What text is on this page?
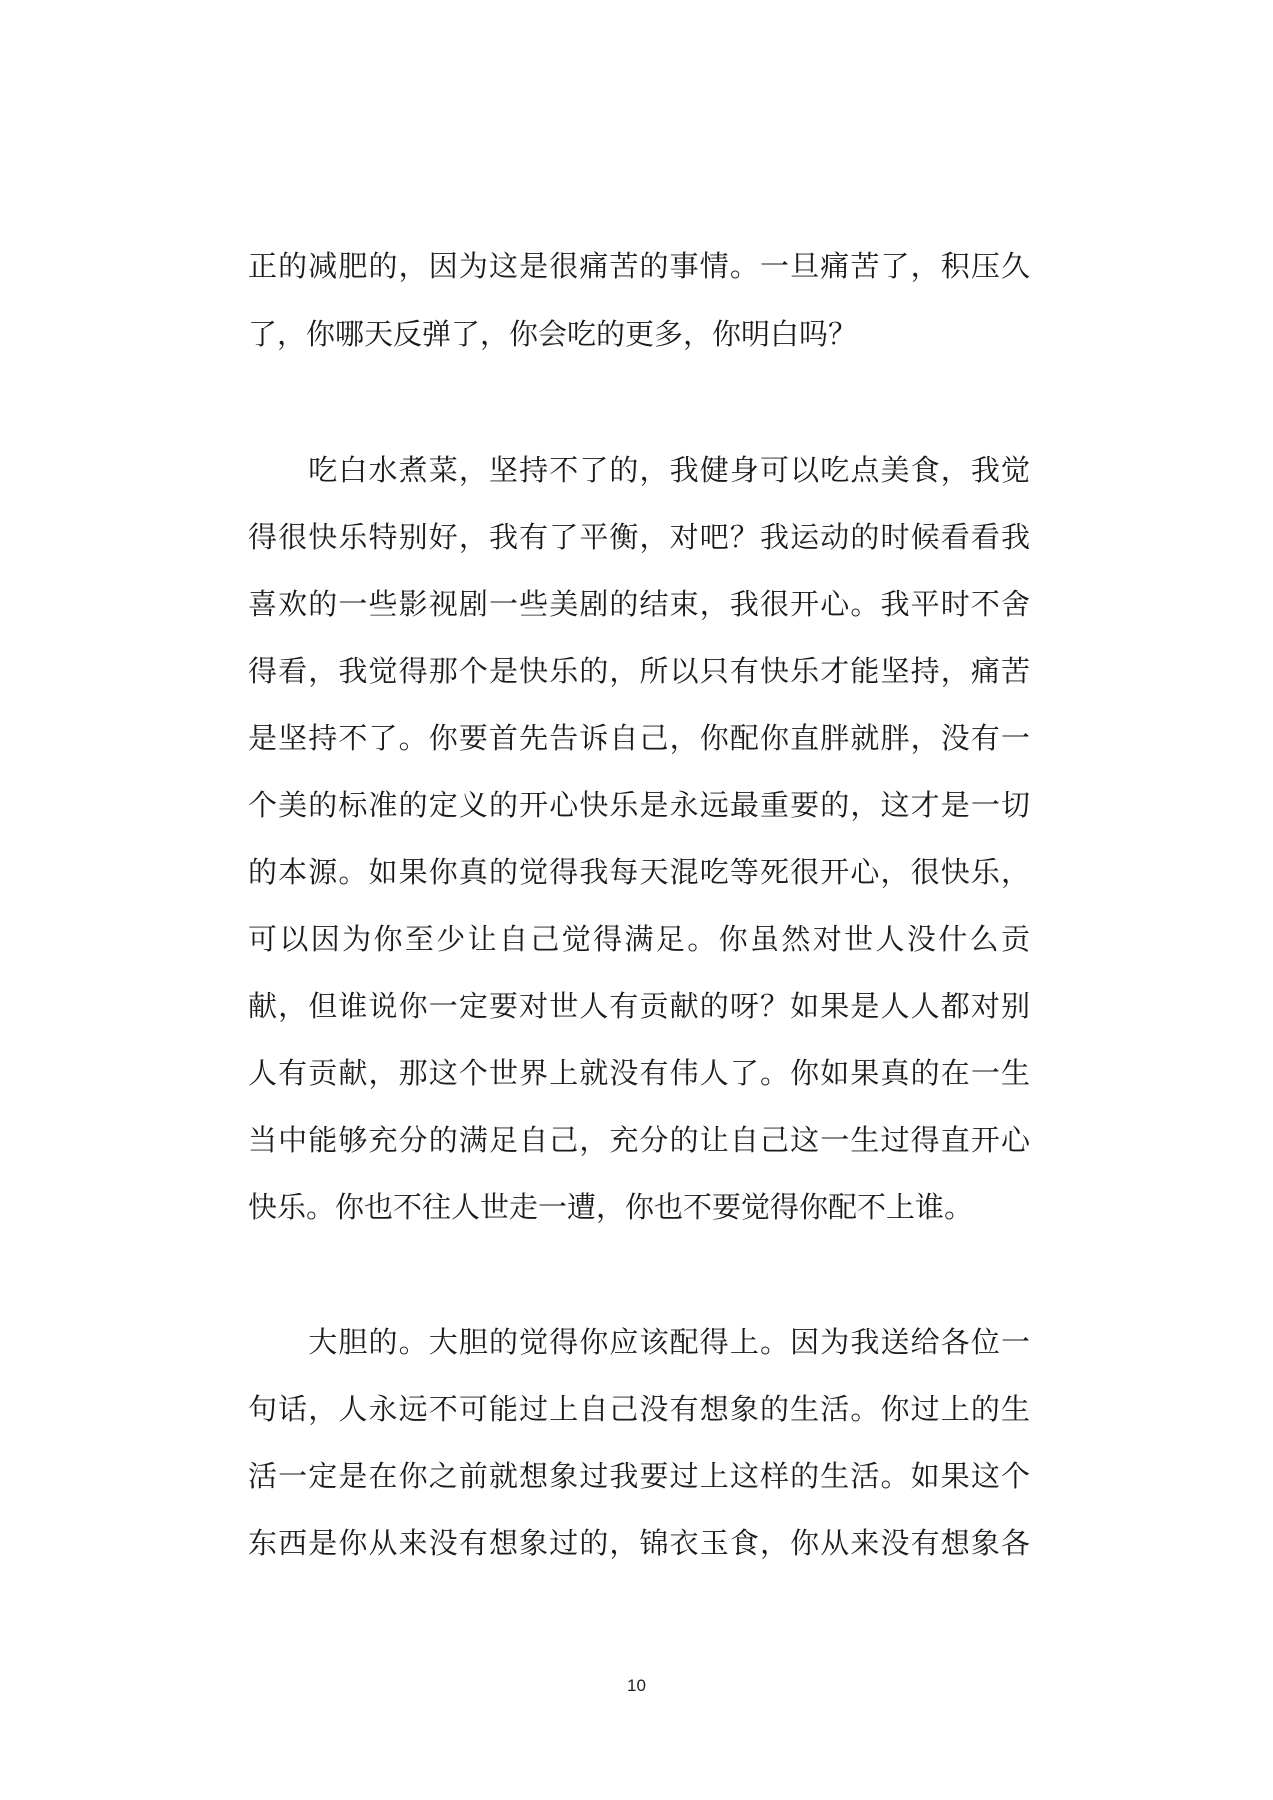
正的减肥的，因为这是很痛苦的事情。一旦痛苦了，积压久
了，你哪天反弹了，你会吃的更多，你明白吗？
　　吃白水煮菜，坚持不了的，我健身可以吃点美食，我觉
得很快乐特别好，我有了平衡，对吧？我运动的时候看看我
喜欢的一些影视剧一些美剧的结束，我很开心。我平时不舍
得看，我觉得那个是快乐的，所以只有快乐才能坚持，痛苦
是坚持不了。你要首先告诉自己，你配你直胖就胖，没有一
个美的标准的定义的开心快乐是永远最重要的，这才是一切
的本源。如果你真的觉得我每天混吃等死很开心，很快乐，
可以因为你至少让自己觉得满足。你虽然对世人没什么贡
献，但谁说你一定要对世人有贡献的呀？如果是人人都对别
人有贡献，那这个世界上就没有伟人了。你如果真的在一生
当中能够充分的满足自己，充分的让自己这一生过得直开心
快乐。你也不往人世走一遭，你也不要觉得你配不上谁。
　　大胆的。大胆的觉得你应该配得上。因为我送给各位一
句话，人永远不可能过上自己没有想象的生活。你过上的生
活一定是在你之前就想象过我要过上这样的生活。如果这个
东西是你从来没有想象过的，锦衣玉食，你从来没有想象各
10
